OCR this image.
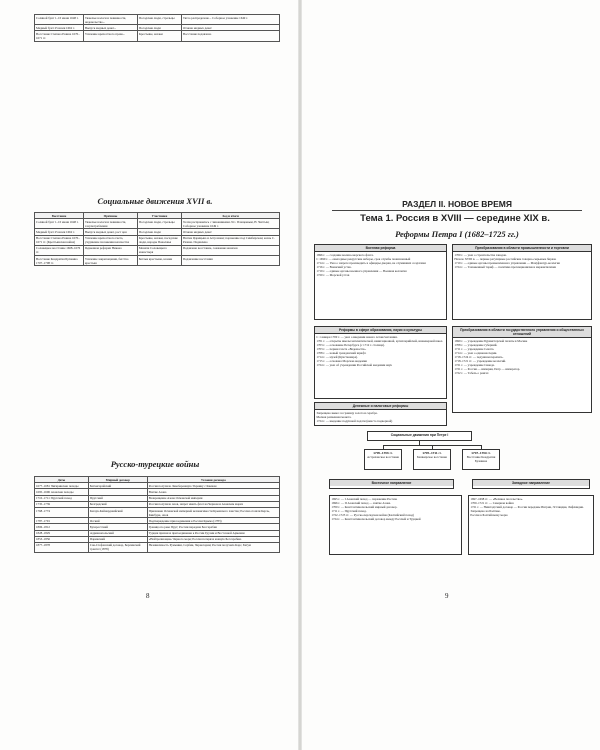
Соляной бунт 1–10 июня 1648 г.	Тяжелые налоги и повинности, недовольство...	Посадские люди, стрельцы	Тягло распределено... Соборное уложение 1649 г.
Медный бунт 25 июля 1662 г.	Выпуск медных денег...	Посадские люди	Отмена медных денег
Восстание Степана Разина 1670–1671 гг.	Усиление крепостного права...	Крестьяне, казаки	Восстание подавлено
Социальные движения XVII в.
Восстание	Причины	Участники	Ход и итоги
Соляной бунт 1–10 июня 1648 г.	Тяжелые налоги и повинности, злоупотребления	Посадские люди, стрельцы	Толпа расправилась с чиновниками Л.С. Плещеевым, Н. Чистым; Соборное уложение 1649 г.
Медный бунт 25 июля 1662 г.	Выпуск медных денег, рост цен	Посадские люди	Отмена медных денег
Восстание Степана Разина 1670–1671 гг. (Крестьянская война)	Усиление крепостного гнета, ухудшение положения казачества	Крестьяне, казаки, посадские люди, народы Поволжья	Взятие Царицына и Астрахани; поражение под Симбирском; казнь С. Разина. Подавлено
Соловецкое восстание 1668–1676 гг.	Церковная реформа Никона	Монахи Соловецкого монастыря	Подавлено восстание, сожжение монахов
Восстание Кондратия Булавина 1707–1708 гг.	Усиление закрепощения, бегство крестьян	Беглые крестьяне, казаки	Подавление восстания
Русско-турецкие войны
Даты	Мирный договор	Условия договора
1677–1681 Чигиринские походы	Бахчисарайский	Россия получила Левобережную Украину с Киевом
1695–1696 Азовские походы		Взятие Азова
1710–1711 Прутский поход	Прутский	Возвращение Азова Османской империи
1735–1739	Белградский	Россия получила Азов, запрет иметь флот на Черном и Азовском морях
1768–1774	Кючук-Кайнарджийский	Признание Османской империей независимости Крымского ханства; России отошли Керчь, Кинбурн, Азов
1787–1791	Ясский	Подтверждение присоединения к России Крыма (1783)
1806–1812	Бухарестский	Граница по реке Прут; России передана Бессарабия
1828–1829	Адрианопольский	Турция признала присоединение к России Грузии и Восточной Армении
1853–1856	Парижский	«Нейтрализация» Черного моря; Россия потеряла южную Бессарабию
1877–1878	Сан-Стефанский договор, Берлинский трактат (1878)	Независимость Румынии, Сербии, Черногории; Россия получила Карс, Батум
8
РАЗДЕЛ II. НОВОЕ ВРЕМЯ
Тема 1. Россия в XVIII — середине XIX в.
Реформы Петра I (1682–1725 гг.)
Военная реформа
1696 г. — создание военно-морского флота.
С 1699 г. — ежегодные рекрутские наборы, срок службы пожизненный
1714 г. — Указ о запрете производить в офицеры дворян, не служивших солдатами
1716 г. — Воинский устав.
1719 г. — единые органы военного управления — Военная коллегия
1720 г. — Морской устав
Преобразования в области промышленности и торговли
1700 г. — указ о строительстве заводов.
Начало XVIII в. — первые регулярные российские товарно-сырьевые биржи.
1719 г. — единые органы промышленного управления — Мануфактур-коллегия
1724 г. — Таможенный тариф — политика протекционизма и меркантилизма
Реформы в сфере образования, науки и культуры
С 1 января 1700 г. — указ о введении нового летоисчисления.
1701 г. — открыты школы математической, навигационной, артиллерийской, инженерной школ.
1703 г. — основание Петербурга (с 1712 г. столица).
1703 г. — первая газета «Ведомости».
1708 г. — новый гражданский шрифт.
1714 г. — музей (Кунсткамера).
1715 г. — основана Морская академия
1724 г. — указ об учреждении Российской академии наук
Преобразования в области государственного управления и общественных отношений
1699 г. — учреждение Бурмистерской палаты в Москве
1708 г. — учреждение губерний.
1711 г. — учреждение Сената.
1714 г. — указ о единонаследии.
1718–1724 гг. — подушная перепись.
1718–1721 гг. — учреждение коллегий.
1721 г. — учреждение Синода.
1721 г. — Россия — империя, Петр — император.
1722 г. — Табель о рангах
Денежные и налоговые реформы
Запрещено вывоз за границу золота и серебра.
Мелкая разменная монета.
1724 г. — введение подушной подати (вместо подворной)
Социальные движения при Петре I
1705–1706 гг.
Астраханское восстание
1705–1711 гг.
Башкирское восстание
1707–1709 гг.
Восстание Кондратия Булавина
Восточное направление	Западное направление
1695 г. — I Азовский поход — поражение России.
1696 г. — II Азовский поход — взятие Азова.
1700 г. — Константинопольский мирный договор.
1711 г. — Прутский поход.
1722–1723 гг. — Русско-персидская война (Каспийский поход)
1724 г. — Константинопольский договор между Россией и Турцией
1697–1698 гг. — «Великое посольство».
1700–1721 гг. — Северная война:
1721 г. — Ништадтский договор — России переданы Ингрия, Эстляндия, Лифляндия.
Запрещено на Балтике.
Россия к Балтийскому морю
9
